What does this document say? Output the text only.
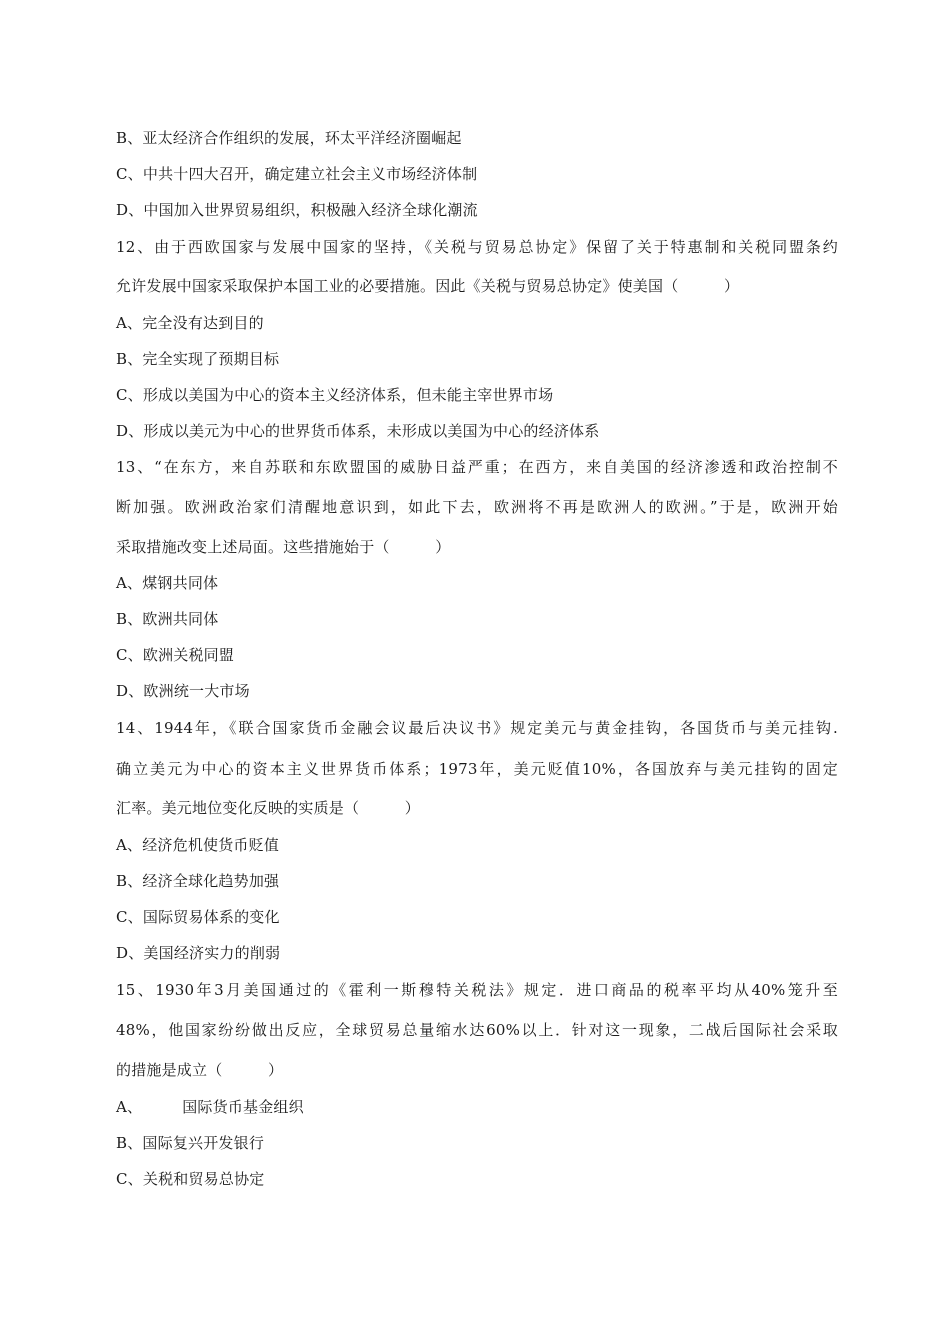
B、亚太经济合作组织的发展，环太平洋经济圈崛起
C、中共十四大召开，确定建立社会主义市场经济体制
D、中国加入世界贸易组织，积极融入经济全球化潮流
12、由于西欧国家与发展中国家的坚持，《关税与贸易总协定》保留了关于特惠制和关税同盟条约
允许发展中国家采取保护本国工业的必要措施。因此《关税与贸易总协定》使美国（　　　）
A、完全没有达到目的
B、完全实现了预期目标
C、形成以美国为中心的资本主义经济体系，但未能主宰世界市场
D、形成以美元为中心的世界货币体系，未形成以美国为中心的经济体系
13、“在东方，来自苏联和东欧盟国的威胁日益严重；在西方，来自美国的经济渗透和政治控制不
断加强。欧洲政治家们清醒地意识到，如此下去，欧洲将不再是欧洲人的欧洲。”于是，欧洲开始
采取措施改变上述局面。这些措施始于（　　　）
A、煤钢共同体
B、欧洲共同体
C、欧洲关税同盟
D、欧洲统一大市场
14、1944年，《联合国家货币金融会议最后决议书》规定美元与黄金挂钩，各国货币与美元挂钩.
确立美元为中心的资本主义世界货币体系；1973年，美元贬值10%，各国放弃与美元挂钩的固定
汇率。美元地位变化反映的实质是（　　　）
A、经济危机使货币贬值
B、经济全球化趋势加强
C、国际贸易体系的变化
D、美国经济实力的削弱
15、1930年3月美国通过的《霍利一斯穆特关税法》规定．进口商品的税率平均从40%笼升至
48%，他国家纷纷做出反应，全球贸易总量缩水达60%以上．针对这一现象，二战后国际社会采取
的措施是成立（　　　）
A、	国际货币基金组织
B、国际复兴开发银行
C、关税和贸易总协定
